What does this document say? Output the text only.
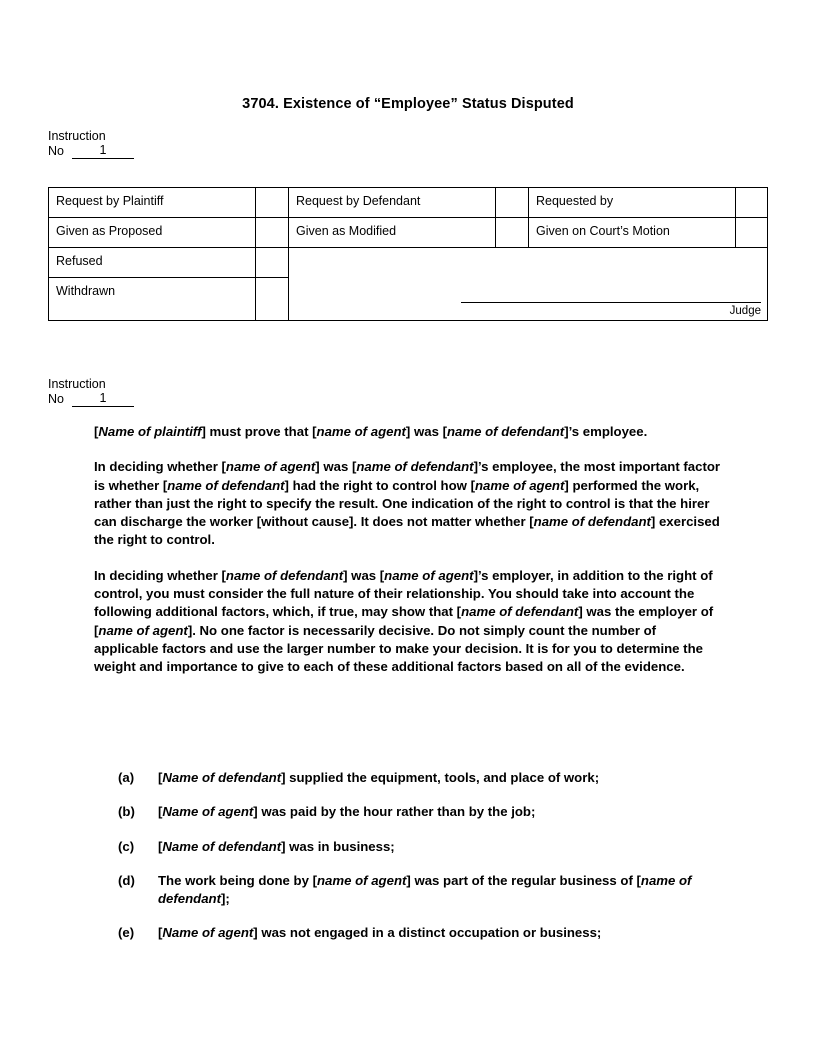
3704. Existence of “Employee” Status Disputed
Instruction
No	1
Request by Plaintiff		Request by Defendant		Requested by	
Given as Proposed		Given as Modified		Given on Court’s Motion	
Refused		Judge			

Withdrawn					
Instruction
No	1

[Name of plaintiff] must prove that [name of agent] was [name of defendant]’s employee.

In deciding whether [name of agent] was [name of defendant]’s employee, the most important factor is whether [name of defendant] had the right to control how [name of agent] performed the work, rather than just the right to specify the result. One indication of the right to control is that the hirer can discharge the worker [without cause]. It does not matter whether [name of defendant] exercised the right to control.

In deciding whether [name of defendant] was [name of agent]’s employer, in addition to the right of control, you must consider the full nature of their relationship. You should take into account the following additional factors, which, if true, may show that [name of defendant] was the employer of [name of agent]. No one factor is necessarily decisive. Do not simply count the number of applicable factors and use the larger number to make your decision. It is for you to determine the weight and importance to give to each of these additional factors based on all of the evidence.

(a)	[Name of defendant] supplied the equipment, tools, and place of work;
(b)	[Name of agent] was paid by the hour rather than by the job;
(c)	[Name of defendant] was in business;
(d)	The work being done by [name of agent] was part of the regular business of [name of defendant];
(e)	[Name of agent] was not engaged in a distinct occupation or business;
